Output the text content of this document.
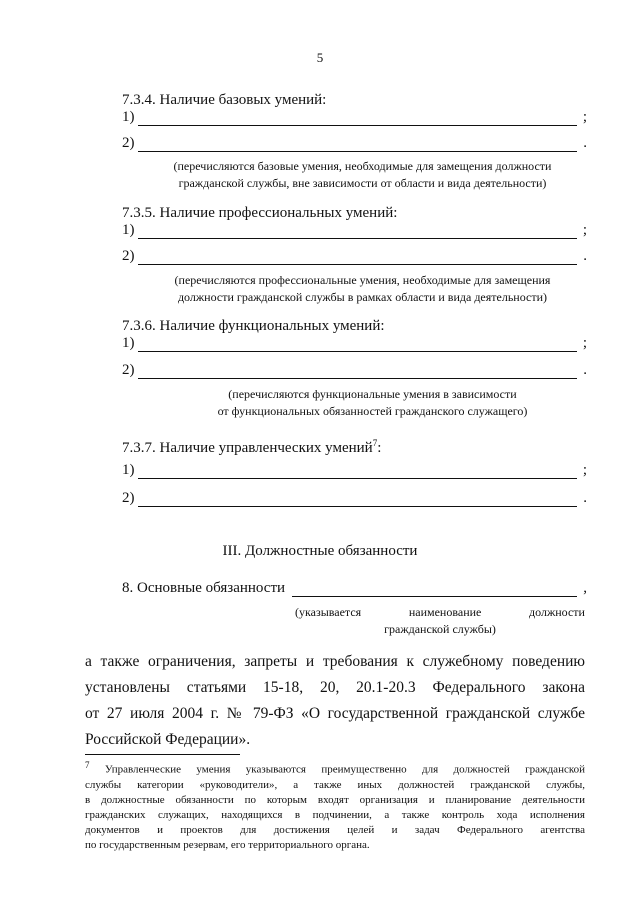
5
7.3.4. Наличие базовых умений:
1)	;
2)	.
(перечисляются базовые умения, необходимые для замещения должности
гражданской службы, вне зависимости от области и вида деятельности)
7.3.5. Наличие профессиональных умений:
1)	;
2)	.
(перечисляются профессиональные умения, необходимые для замещения
должности гражданской службы в рамках области и вида деятельности)
7.3.6. Наличие функциональных умений:
1)	;
2)	.
(перечисляются функциональные умения в зависимости
от функциональных обязанностей гражданского служащего)
7.3.7. Наличие управленческих умений$^7$:
1)	;
2)	.
III. Должностные обязанности
8. Основные обязанности	,
(указывается	наименование	должности
гражданской службы)
а также ограничения, запреты и требования к служебному поведению
установлены статьями 15-18, 20, 20.1-20.3 Федерального закона
от 27 июля 2004 г. № 79-ФЗ «О государственной гражданской службе
Российской Федерации».
$^7$ Управленческие умения указываются преимущественно для должностей гражданской
службы категории «руководители», а также иных должностей гражданской службы,
в должностные обязанности по которым входят организация и планирование деятельности
гражданских служащих, находящихся в подчинении, а также контроль хода исполнения
документов и проектов для достижения целей и задач Федерального агентства
по государственным резервам, его территориального органа.
